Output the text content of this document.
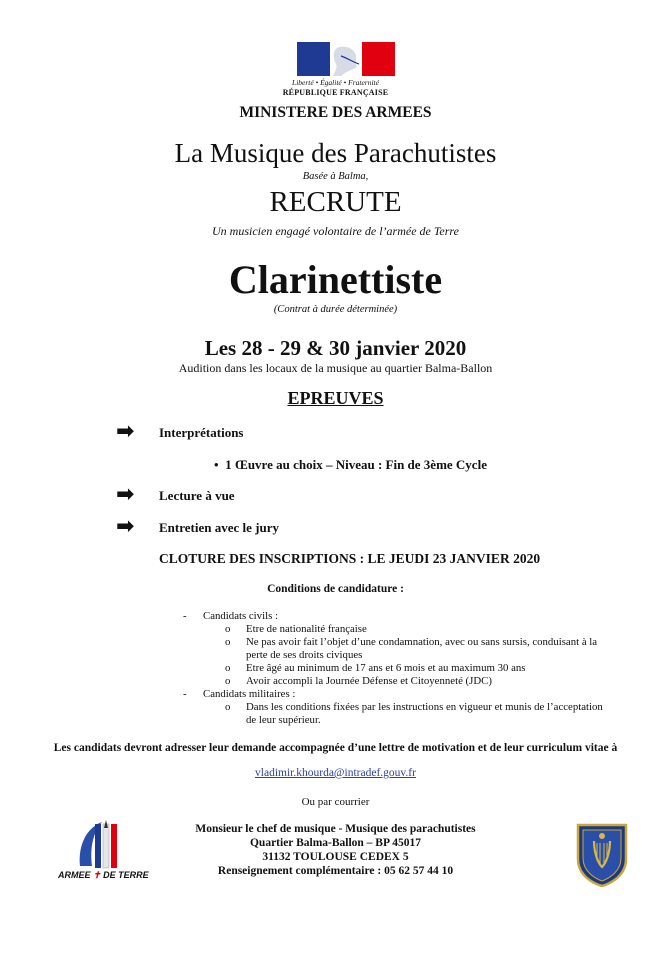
Liberté • Égalité • Fraternité
RÉPUBLIQUE FRANÇAISE
MINISTERE DES ARMEES
La Musique des Parachutistes
Basée à Balma,
RECRUTE
Un musicien engagé volontaire de l’armée de Terre
Clarinettiste
(Contrat à durée déterminée)
Les 28 - 29 & 30 janvier 2020
Audition dans les locaux de la musique au quartier Balma-Ballon
EPREUVES
➡ Interprétations
•  1 Œuvre au choix – Niveau : Fin de 3ème Cycle
➡ Lecture à vue
➡ Entretien avec le jury
CLOTURE DES INSCRIPTIONS : LE JEUDI 23 JANVIER 2020
Conditions de candidature :
- Candidats civils :
o Etre de nationalité française
o Ne pas avoir fait l’objet d’une condamnation, avec ou sans sursis, conduisant à la
perte de ses droits civiques
o Etre âgé au minimum de 17 ans et 6 mois et au maximum 30 ans
o Avoir accompli la Journée Défense et Citoyenneté (JDC)
- Candidats militaires :
o Dans les conditions fixées par les instructions en vigueur et munis de l’acceptation
de leur supérieur.
Les candidats devront adresser leur demande accompagnée d’une lettre de motivation et de leur curriculum vitae à
vladimir.khourda@intradef.gouv.fr
Ou par courrier
Monsieur le chef de musique - Musique des parachutistes
Quartier Balma-Ballon – BP 45017
31132 TOULOUSE CEDEX 5
Renseignement complémentaire : 05 62 57 44 10
ARMEE ✝ DE TERRE
